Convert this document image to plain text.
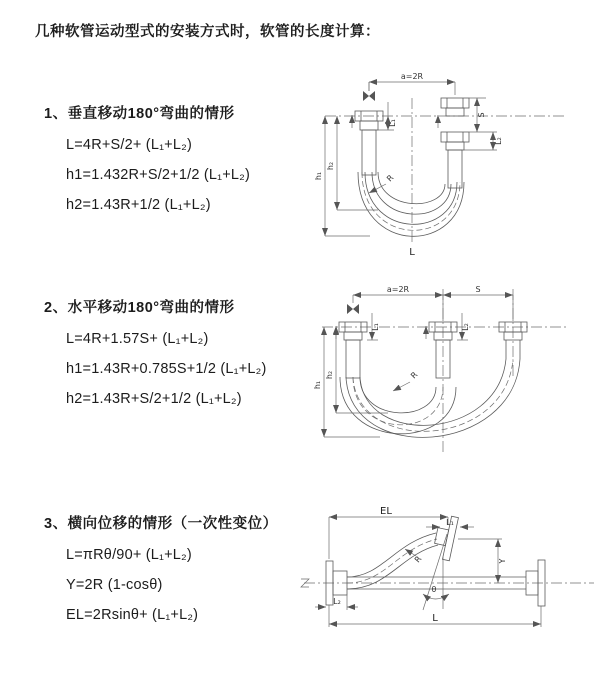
几种软管运动型式的安装方式时，软管的长度计算：
1、垂直移动180°弯曲的情形
L=4R+S/2+ (L₁+L₂)
h1=1.432R+S/2+1/2 (L₁+L₂)
h2=1.43R+1/2 (L₁+L₂)
2、水平移动180°弯曲的情形
L=4R+1.57S+ (L₁+L₂)
h1=1.43R+0.785S+1/2 (L₁+L₂)
h2=1.43R+S/2+1/2 (L₁+L₂)
3、横向位移的情形（一次性变位）
L=πRθ/90+ (L₁+L₂)
Y=2R (1-cosθ)
EL=2Rsinθ+ (L₁+L₂)
a=2R
S
L₂
h₁
h₂
L₁
R
L
a=2R	S
L₁	L₂
h₁
h₂	R
EL
L₁
Y
θ
R
L₂
L
